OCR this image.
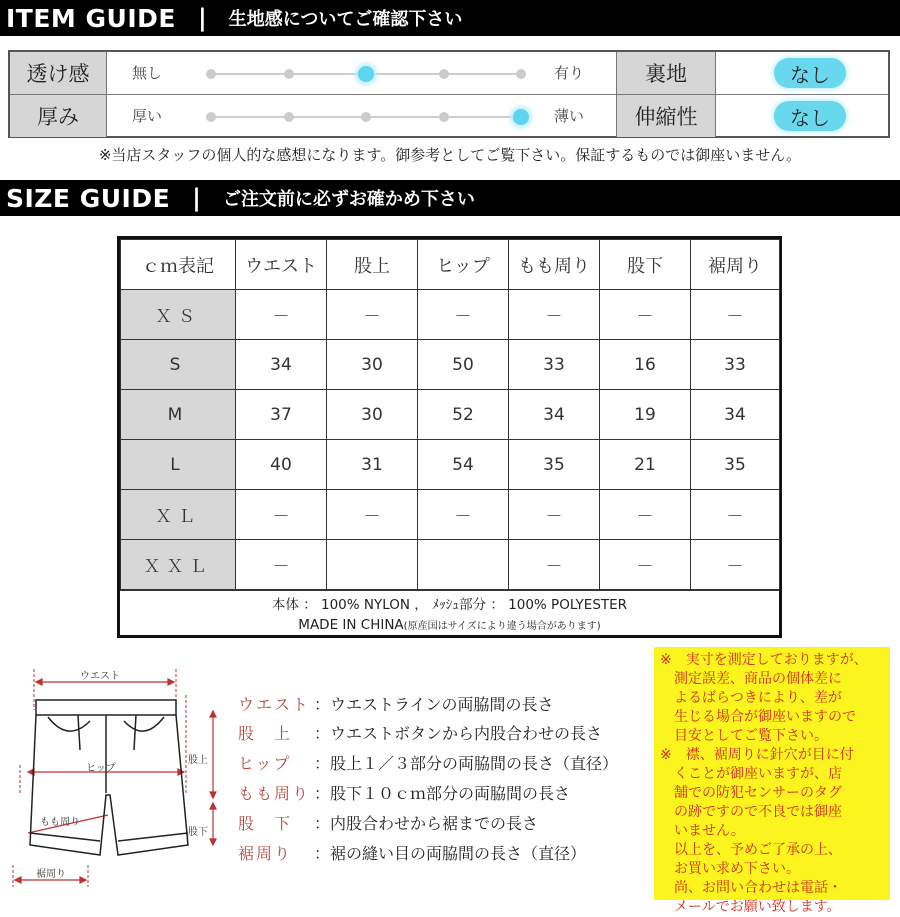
ITEM GUIDE | 生地感についてご確認下さい
透け感	無し	有り	裏地	なし
厚み	厚い	薄い	伸縮性	なし
※当店スタッフの個人的な感想になります。御参考としてご覧下さい。保証するものでは御座いません。
SIZE GUIDE | ご注文前に必ずお確かめ下さい
ｃｍ表記	ウエスト	股上	ヒップ	もも周り	股下	裾周り
ＸＳ	－	－	－	－	－	－
S	34	30	50	33	16	33
M	37	30	52	34	19	34
L	40	31	54	35	21	35
ＸＬ	－	－	－	－	－	－
ＸＸＬ	－			－	－	－
本体 ： 100% NYLON ， ﾒｯｼｭ部分 ： 100% POLYESTER
MADE IN CHINA(原産国はサイズにより違う場合があります)
ウエスト
ヒップ
股上
もも周り
股下
裾周り
ウエスト ：ウエストラインの両脇間の長さ
股　上 ：ウエストボタンから内股合わせの長さ
ヒップ ：股上１／３部分の両脇間の長さ（直径）
もも周り ：股下１０ｃｍ部分の両脇間の長さ
股　下 ：内股合わせから裾までの長さ
裾周り ：裾の縫い目の両脇間の長さ（直径）
※　実寸を測定しておりますが、
測定誤差、商品の個体差に
よるばらつきにより、差が
生じる場合が御座いますので
目安としてご覧下さい。
※　襟、裾周りに針穴が目に付
くことが御座いますが、店
舗での防犯センサーのタグ
の跡ですので不良では御座
いません。
以上を、予めご了承の上、
お買い求め下さい。
尚、お問い合わせは電話・
メールでお願い致します。
